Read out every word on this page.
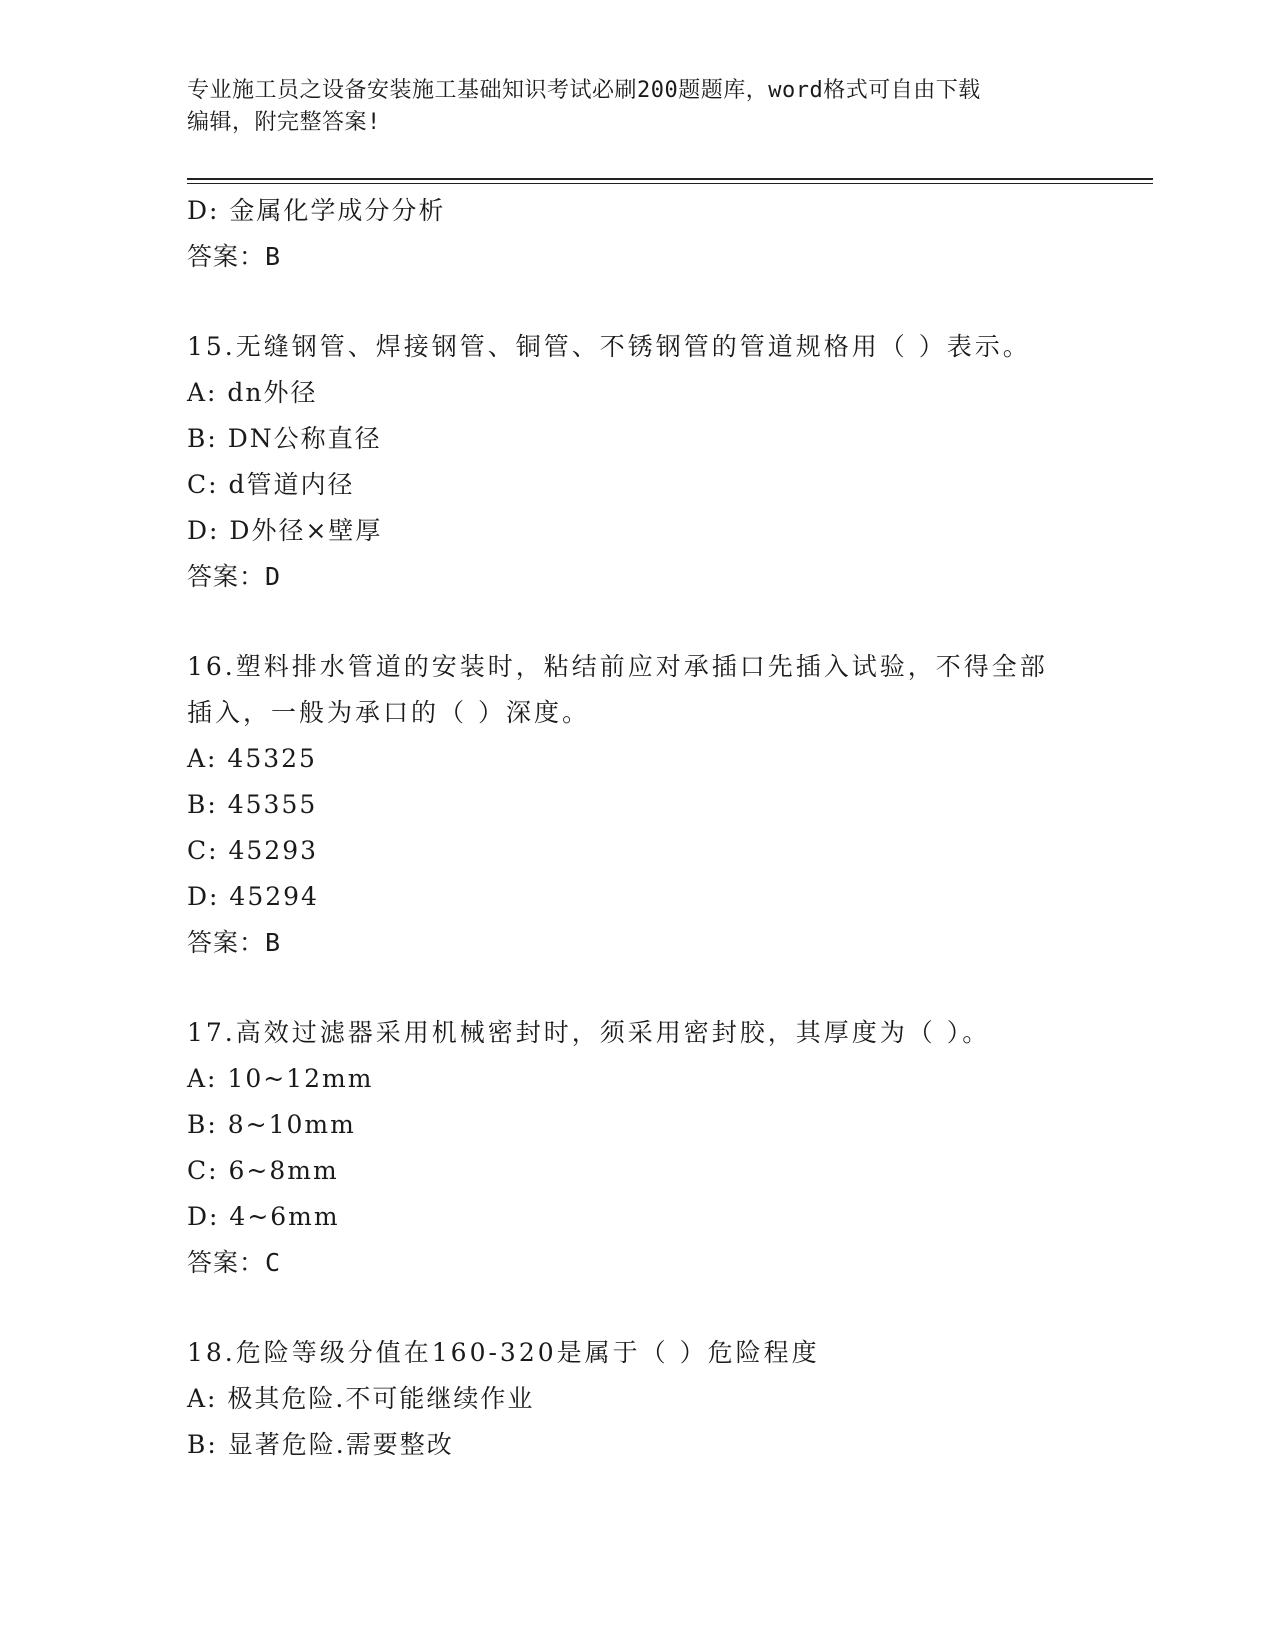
专业施工员之设备安装施工基础知识考试必刷200题题库，word格式可自由下载
编辑，附完整答案!
D: 金属化学成分分析
答案：B
15.无缝钢管、焊接钢管、铜管、不锈钢管的管道规格用（ ）表示。
A: dn外径
B: DN公称直径
C: d管道内径
D: D外径×壁厚
答案：D
16.塑料排水管道的安装时，粘结前应对承插口先插入试验，不得全部
插入，一般为承口的（ ）深度。
A: 45325
B: 45355
C: 45293
D: 45294
答案：B
17.高效过滤器采用机械密封时，须采用密封胶，其厚度为（ ）。
A: 10~12mm
B: 8~10mm
C: 6~8mm
D: 4~6mm
答案：C
18.危险等级分值在160-320是属于（ ）危险程度
A: 极其危险.不可能继续作业
B: 显著危险.需要整改
